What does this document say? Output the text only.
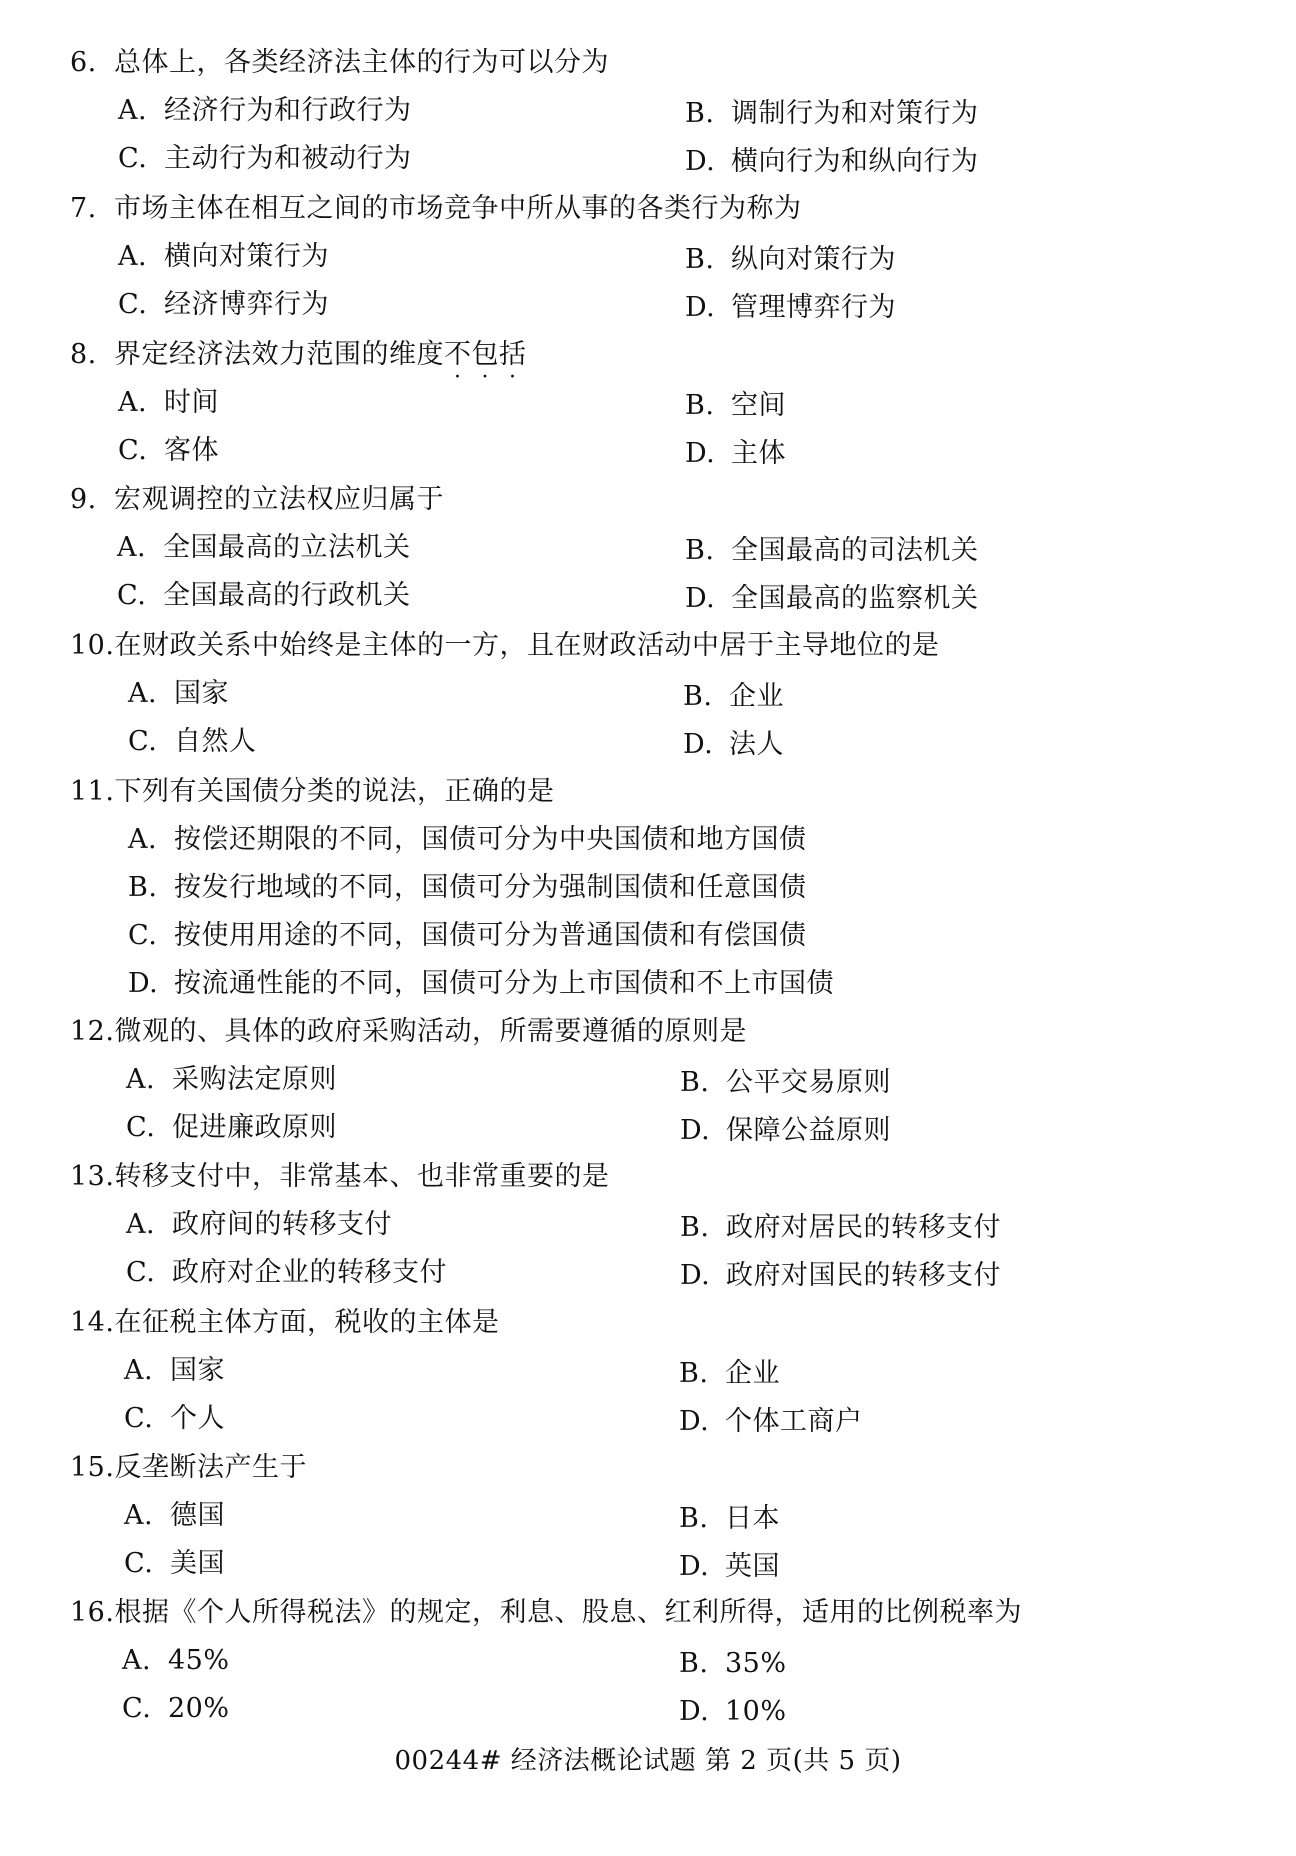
6. 总体上，各类经济法主体的行为可以分为
A. 经济行为和行政行为	B. 调制行为和对策行为
C. 主动行为和被动行为	D. 横向行为和纵向行为
7. 市场主体在相互之间的市场竞争中所从事的各类行为称为
A. 横向对策行为	B. 纵向对策行为
C. 经济博弈行为	D. 管理博弈行为
8. 界定经济法效力范围的维度不包括
A. 时间	B. 空间
C. 客体	D. 主体
9. 宏观调控的立法权应归属于
A. 全国最高的立法机关	B. 全国最高的司法机关
C. 全国最高的行政机关	D. 全国最高的监察机关
10.在财政关系中始终是主体的一方，且在财政活动中居于主导地位的是
A. 国家	B. 企业
C. 自然人	D. 法人
11.下列有关国债分类的说法，正确的是
A. 按偿还期限的不同，国债可分为中央国债和地方国债
B. 按发行地域的不同，国债可分为强制国债和任意国债
C. 按使用用途的不同，国债可分为普通国债和有偿国债
D. 按流通性能的不同，国债可分为上市国债和不上市国债
12.微观的、具体的政府采购活动，所需要遵循的原则是
A. 采购法定原则	B. 公平交易原则
C. 促进廉政原则	D. 保障公益原则
13.转移支付中，非常基本、也非常重要的是
A. 政府间的转移支付	B. 政府对居民的转移支付
C. 政府对企业的转移支付	D. 政府对国民的转移支付
14.在征税主体方面，税收的主体是
A. 国家	B. 企业
C. 个人	D. 个体工商户
15.反垄断法产生于
A. 德国	B. 日本
C. 美国	D. 英国
16.根据《个人所得税法》的规定，利息、股息、红利所得，适用的比例税率为
A. 45%	B. 35%
C. 20%	D. 10%
00244# 经济法概论试题 第 2 页(共 5 页)
